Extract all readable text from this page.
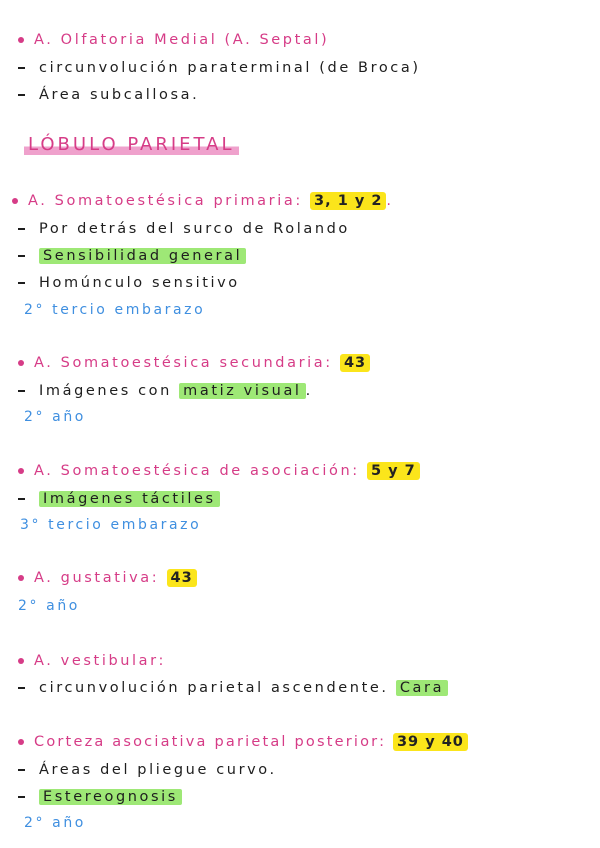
A. Olfatoria Medial (A. Septal)
circunvolución paraterminal (de Broca)
Área subcallosa.
LÓBULO PARIETAL
A. Somatoestésica primaria: 3, 1 y 2 .
Por detrás del surco de Rolando
Sensibilidad general
Homúnculo sensitivo
2° tercio embarazo
A. Somatoestésica secundaria: 43
Imágenes con matiz visual .
2° año
A. Somatoestésica de asociación: 5 y 7
Imágenes táctiles
3° tercio embarazo
A. gustativa: 43
2° año
A. vestibular:
circunvolución parietal ascendente. Cara
Corteza asociativa parietal posterior: 39 y 40
Áreas del pliegue curvo.
Estereognosis
2° año
